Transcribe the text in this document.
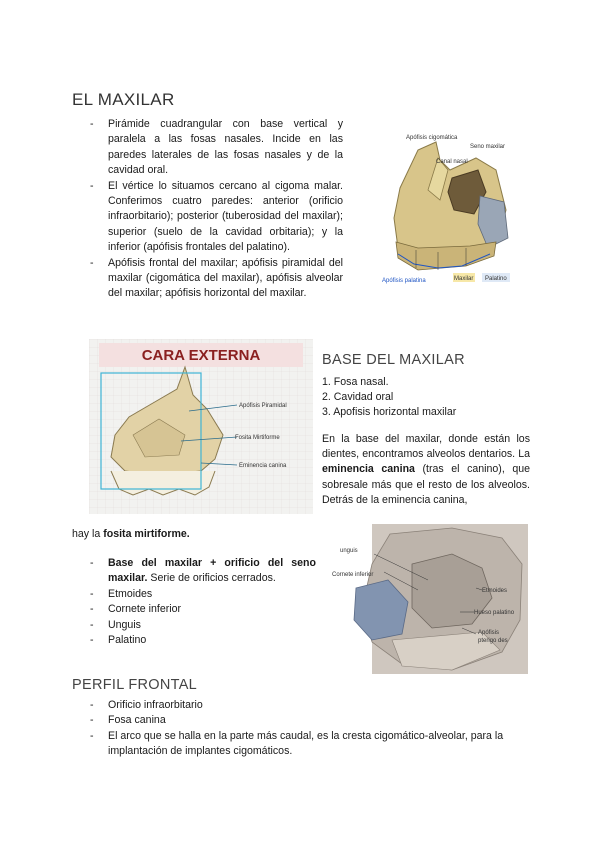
EL MAXILAR
- Pirámide cuadrangular con base vertical y paralela a las fosas nasales. Incide en las paredes laterales de las fosas nasales y de la cavidad oral.
- El vértice lo situamos cercano al cigoma malar. Conferimos cuatro paredes: anterior (orificio infraorbitario); posterior (tuberosidad del maxilar); superior (suelo de la cavidad orbitaria); y la inferior (apófisis frontales del palatino).
- Apófisis frontal del maxilar; apófisis piramidal del maxilar (cigomática del maxilar), apófisis alveolar del maxilar; apófisis horizontal del maxilar.
Apófisis cigomática
Seno maxilar
Canal nasal
Apófisis palatina	Maxilar Palatino
CARA EXTERNA
Apófisis Piramidal
Fosita Mirtiforme
Eminencia canina
BASE DEL MAXILAR
1. Fosa nasal.
2. Cavidad oral
3. Apofisis horizontal maxilar

En la base del maxilar, donde están los dientes, encontramos alveolos dentarios. La eminencia canina (tras el canino), que sobresale más que el resto de los alveolos. Detrás de la eminencia canina,

hay la fosita mirtiforme.

- Base del maxilar + orificio del seno maxilar. Serie de orificios cerrados.
- Etmoides
- Cornete inferior
- Unguis
- Palatino
unguis
Cornete inferior
Etmoides
Hueso palatino
Apófisis
pterigo des
PERFIL FRONTAL
- Orificio infraorbitario
- Fosa canina
- El arco que se halla en la parte más caudal, es la cresta cigomático-alveolar, para la implantación de implantes cigomáticos.
